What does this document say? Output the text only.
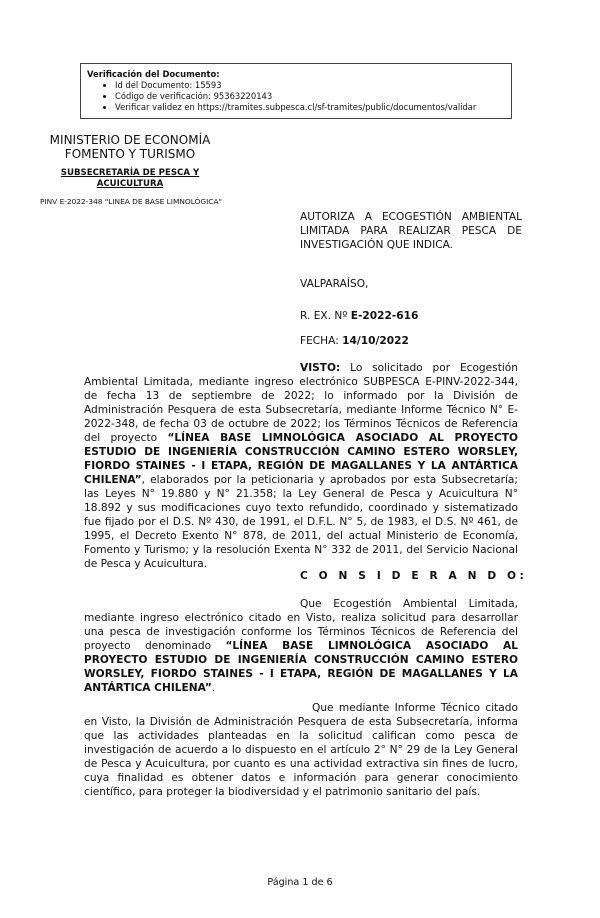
Verificación del Documento:
• Id del Documento: 15593
• Código de verificación: 95363220143
• Verificar validez en https://tramites.subpesca.cl/sf-tramites/public/documentos/validar
MINISTERIO DE ECONOMÍA
FOMENTO Y TURISMO
SUBSECRETARÍA DE PESCA Y ACUICULTURA
PINV E-2022-348 "LINEA DE BASE LIMNOLÓGICA"
AUTORIZA A ECOGESTIÓN AMBIENTAL LIMITADA PARA REALIZAR PESCA DE INVESTIGACIÓN QUE INDICA.
VALPARAÍSO,
R. EX. Nº E-2022-616
FECHA: 14/10/2022
VISTO: Lo solicitado por Ecogestión Ambiental Limitada, mediante ingreso electrónico SUBPESCA E-PINV-2022-344, de fecha 13 de septiembre de 2022; lo informado por la División de Administración Pesquera de esta Subsecretaría, mediante Informe Técnico N° E-2022-348, de fecha 03 de octubre de 2022; los Términos Técnicos de Referencia del proyecto “LÍNEA BASE LIMNOLÓGICA ASOCIADO AL PROYECTO ESTUDIO DE INGENIERÍA CONSTRUCCIÓN CAMINO ESTERO WORSLEY, FIORDO STAINES - I ETAPA, REGIÓN DE MAGALLANES Y LA ANTÁRTICA CHILENA”, elaborados por la peticionaria y aprobados por esta Subsecretaría; las Leyes N° 19.880 y N° 21.358; la Ley General de Pesca y Acuicultura N° 18.892 y sus modificaciones cuyo texto refundido, coordinado y sistematizado fue fijado por el D.S. Nº 430, de 1991, el D.F.L. N° 5, de 1983, el D.S. Nº 461, de 1995, el Decreto Exento N° 878, de 2011, del actual Ministerio de Economía, Fomento y Turismo; y la resolución Exenta N° 332 de 2011, del Servicio Nacional de Pesca y Acuicultura.
C O N S I D E R A N D O:
Que Ecogestión Ambiental Limitada, mediante ingreso electrónico citado en Visto, realiza solicitud para desarrollar una pesca de investigación conforme los Términos Técnicos de Referencia del proyecto denominado “LÍNEA BASE LIMNOLÓGICA ASOCIADO AL PROYECTO ESTUDIO DE INGENIERÍA CONSTRUCCIÓN CAMINO ESTERO WORSLEY, FIORDO STAINES - I ETAPA, REGIÓN DE MAGALLANES Y LA ANTÁRTICA CHILENA”.
Que mediante Informe Técnico citado en Visto, la División de Administración Pesquera de esta Subsecretaría, informa que las actividades planteadas en la solicitud califican como pesca de investigación de acuerdo a lo dispuesto en el artículo 2° N° 29 de la Ley General de Pesca y Acuicultura, por cuanto es una actividad extractiva sin fines de lucro, cuya finalidad es obtener datos e información para generar conocimiento científico, para proteger la biodiversidad y el patrimonio sanitario del país.
Página 1 de 6
